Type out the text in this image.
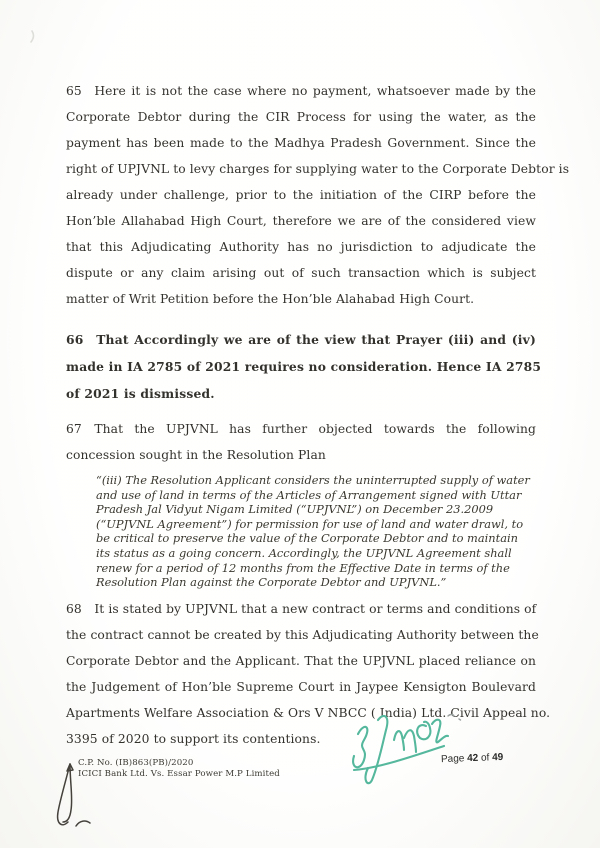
65  Here it is not the case where no payment, whatsoever made by the
Corporate Debtor during the CIR Process for using the water, as the
payment has been made to the Madhya Pradesh Government. Since the
right of UPJVNL to levy charges for supplying water to the Corporate Debtor is
already under challenge, prior to the initiation of the CIRP before the
Hon’ble Allahabad High Court, therefore we are of the considered view
that this Adjudicating Authority has no jurisdiction to adjudicate the
dispute or any claim arising out of such transaction which is subject
matter of Writ Petition before the Hon’ble Alahabad High Court.
66  That Accordingly we are of the view that Prayer (iii) and (iv)
made in IA 2785 of 2021 requires no consideration. Hence IA 2785
of 2021 is dismissed.
67  That the UPJVNL has further objected towards the following
concession sought in the Resolution Plan
“(iii) The Resolution Applicant considers the uninterrupted supply of water
and use of land in terms of the Articles of Arrangement signed with Uttar
Pradesh Jal Vidyut Nigam Limited (“UPJVNL”) on December 23.2009
(“UPJVNL Agreement”) for permission for use of land and water drawl, to
be critical to preserve the value of the Corporate Debtor and to maintain
its status as a going concern. Accordingly, the UPJVNL Agreement shall
renew for a period of 12 months from the Effective Date in terms of the
Resolution Plan against the Corporate Debtor and UPJVNL.”
68  It is stated by UPJVNL that a new contract or terms and conditions of
the contract cannot be created by this Adjudicating Authority between the
Corporate Debtor and the Applicant. That the UPJVNL placed reliance on
the Judgement of Hon’ble Supreme Court in Jaypee Kensigton Boulevard
Apartments Welfare Association & Ors V NBCC ( India) Ltd. Civil Appeal no.
3395 of 2020 to support its contentions.
Page 42 of 49
C.P. No. (IB)863(PB)/2020
ICICI Bank Ltd. Vs. Essar Power M.P Limited
